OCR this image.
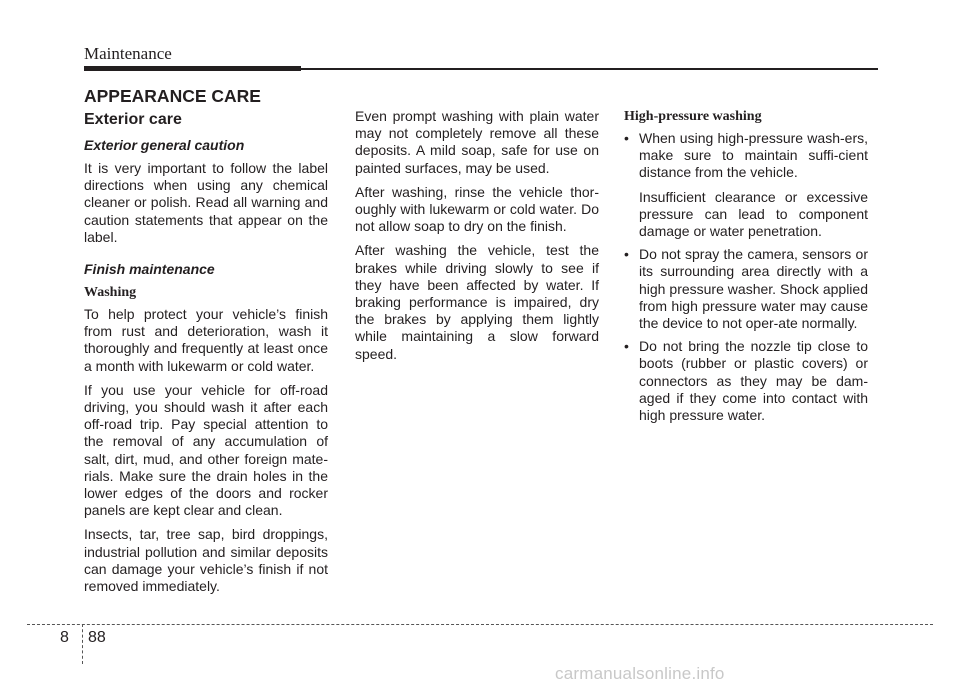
Maintenance
APPEARANCE CARE
Exterior care
Exterior general caution

It is very important to follow the label directions when using any chemical cleaner or polish. Read all warning and caution statements that appear on the label.

Finish maintenance
Washing

To help protect your vehicle’s finish from rust and deterioration, wash it thoroughly and frequently at least once a month with lukewarm or cold water.

If you use your vehicle for off-road driving, you should wash it after each off-road trip. Pay special attention to the removal of any accumulation of salt, dirt, mud, and other foreign mate-rials. Make sure the drain holes in the lower edges of the doors and rocker panels are kept clear and clean.

Insects, tar, tree sap, bird droppings, industrial pollution and similar deposits can damage your vehicle’s finish if not removed immediately.

Even prompt washing with plain water may not completely remove all these deposits. A mild soap, safe for use on painted surfaces, may be used.

After washing, rinse the vehicle thor-oughly with lukewarm or cold water. Do not allow soap to dry on the finish.

After washing the vehicle, test the brakes while driving slowly to see if they have been affected by water. If braking performance is impaired, dry the brakes by applying them lightly while maintaining a slow forward speed.

High-pressure washing
• When using high-pressure wash-ers, make sure to maintain suffi-cient distance from the vehicle.

Insufficient clearance or excessive pressure can lead to component damage or water penetration.

• Do not spray the camera, sensors or its surrounding area directly with a high pressure washer. Shock applied from high pressure water may cause the device to not oper-ate normally.

• Do not bring the nozzle tip close to boots (rubber or plastic covers) or connectors as they may be dam-aged if they come into contact with high pressure water.

8 88
carmanualsonline.info
